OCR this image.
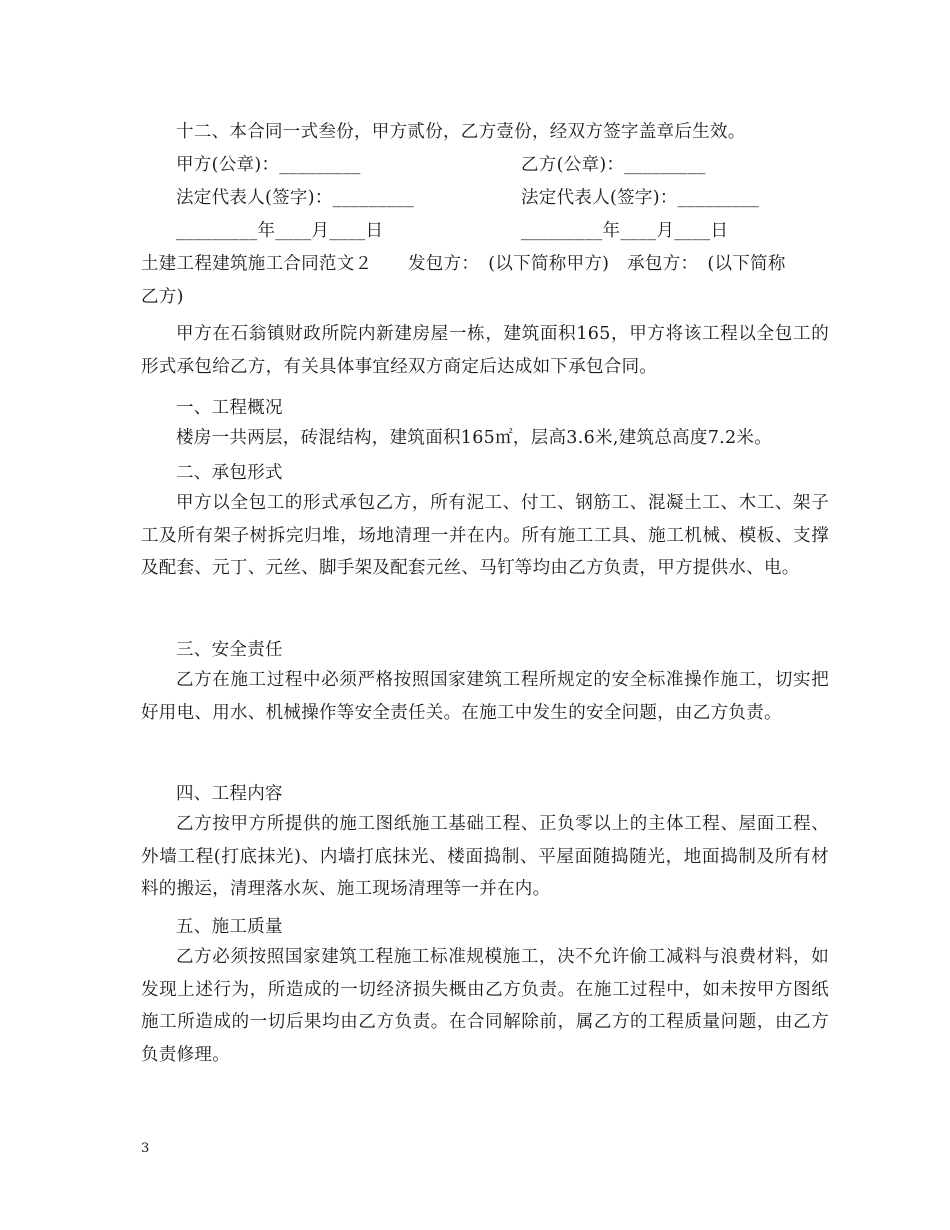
十二、本合同一式叁份，甲方贰份，乙方壹份，经双方签字盖章后生效。
甲方(公章)：_________	乙方(公章)：_________
法定代表人(签字)：_________	法定代表人(签字)：_________
_________年____月____日	_________年____月____日
土建工程建筑施工合同范文２　　发包方：　(以下简称甲方)　承包方：　(以下简称
乙方)

甲方在石翁镇财政所院内新建房屋一栋，建筑面积165，甲方将该工程以全包工的形式承包给乙方，有关具体事宜经双方商定后达成如下承包合同。

一、工程概况

楼房一共两层，砖混结构，建筑面积165㎡，层高3.6米,建筑总高度7.2米。

二、承包形式

甲方以全包工的形式承包乙方，所有泥工、付工、钢筋工、混凝土工、木工、架子工及所有架子树拆完归堆，场地清理一并在内。所有施工工具、施工机械、模板、支撑及配套、元丁、元丝、脚手架及配套元丝、马钉等均由乙方负责，甲方提供水、电。

三、安全责任

乙方在施工过程中必须严格按照国家建筑工程所规定的安全标准操作施工，切实把好用电、用水、机械操作等安全责任关。在施工中发生的安全问题，由乙方负责。

四、工程内容

乙方按甲方所提供的施工图纸施工基础工程、正负零以上的主体工程、屋面工程、外墙工程(打底抹光)、内墙打底抹光、楼面捣制、平屋面随捣随光，地面捣制及所有材料的搬运，清理落水灰、施工现场清理等一并在内。

五、施工质量

乙方必须按照国家建筑工程施工标准规模施工，决不允许偷工减料与浪费材料，如发现上述行为，所造成的一切经济损失概由乙方负责。在施工过程中，如未按甲方图纸施工所造成的一切后果均由乙方负责。在合同解除前，属乙方的工程质量问题，由乙方负责修理。

3
